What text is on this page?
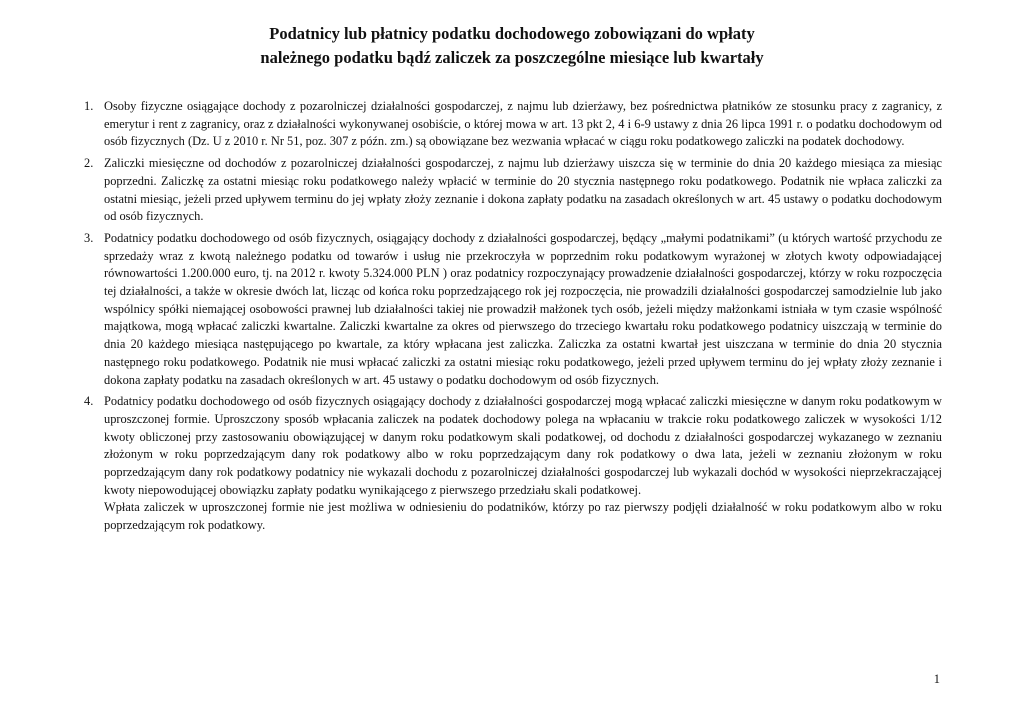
Podatnicy lub płatnicy podatku dochodowego zobowiązani do wpłaty
należnego podatku bądź zaliczek za poszczególne miesiące lub kwartały
1. Osoby fizyczne osiągające dochody z pozarolniczej działalności gospodarczej, z najmu lub dzierżawy, bez pośrednictwa płatników ze stosunku pracy z zagranicy, z emerytur i rent z zagranicy, oraz z działalności wykonywanej osobiście, o której mowa w art. 13 pkt 2, 4 i 6-9 ustawy z dnia 26 lipca 1991 r. o podatku dochodowym od osób fizycznych (Dz. U z 2010 r. Nr 51, poz. 307 z późn. zm.) są obowiązane bez wezwania wpłacać w ciągu roku podatkowego zaliczki na podatek dochodowy.

2. Zaliczki miesięczne od dochodów z pozarolniczej działalności gospodarczej, z najmu lub dzierżawy uiszcza się w terminie do dnia 20 każdego miesiąca za miesiąc poprzedni. Zaliczkę za ostatni miesiąc roku podatkowego należy wpłacić w terminie do 20 stycznia następnego roku podatkowego. Podatnik nie wpłaca zaliczki za ostatni miesiąc, jeżeli przed upływem terminu do jej wpłaty złoży zeznanie i dokona zapłaty podatku na zasadach określonych w art. 45 ustawy o podatku dochodowym od osób fizycznych.

3. Podatnicy podatku dochodowego od osób fizycznych, osiągający dochody z działalności gospodarczej, będący „małymi podatnikami” (u których wartość przychodu ze sprzedaży wraz z kwotą należnego podatku od towarów i usług nie przekroczyła w poprzednim roku podatkowym wyrażonej w złotych kwoty odpowiadającej równowartości 1.200.000 euro, tj. na 2012 r. kwoty 5.324.000 PLN ) oraz podatnicy rozpoczynający prowadzenie działalności gospodarczej, którzy w roku rozpoczęcia tej działalności, a także w okresie dwóch lat, licząc od końca roku poprzedzającego rok jej rozpoczęcia, nie prowadzili działalności gospodarczej samodzielnie lub jako wspólnicy spółki niemającej osobowości prawnej lub działalności takiej nie prowadził małżonek tych osób, jeżeli między małżonkami istniała w tym czasie wspólność majątkowa, mogą wpłacać zaliczki kwartalne. Zaliczki kwartalne za okres od pierwszego do trzeciego kwartału roku podatkowego podatnicy uiszczają w terminie do dnia 20 każdego miesiąca następującego po kwartale, za który wpłacana jest zaliczka. Zaliczka za ostatni kwartał jest uiszczana w terminie do dnia 20 stycznia następnego roku podatkowego. Podatnik nie musi wpłacać zaliczki za ostatni miesiąc roku podatkowego, jeżeli przed upływem terminu do jej wpłaty złoży zeznanie i dokona zapłaty podatku na zasadach określonych w art. 45 ustawy o podatku dochodowym od osób fizycznych.

4. Podatnicy podatku dochodowego od osób fizycznych osiągający dochody z działalności gospodarczej mogą wpłacać zaliczki miesięczne w danym roku podatkowym w uproszczonej formie. Uproszczony sposób wpłacania zaliczek na podatek dochodowy polega na wpłacaniu w trakcie roku podatkowego zaliczek w wysokości 1/12 kwoty obliczonej przy zastosowaniu obowiązującej w danym roku podatkowym skali podatkowej, od dochodu z działalności gospodarczej wykazanego w zeznaniu złożonym w roku poprzedzającym dany rok podatkowy albo w roku poprzedzającym dany rok podatkowy o dwa lata, jeżeli w zeznaniu złożonym w roku poprzedzającym dany rok podatkowy podatnicy nie wykazali dochodu z pozarolniczej działalności gospodarczej lub wykazali dochód w wysokości nieprzekraczającej kwoty niepowodującej obowiązku zapłaty podatku wynikającego z pierwszego przedziału skali podatkowej.

Wpłata zaliczek w uproszczonej formie nie jest możliwa w odniesieniu do podatników, którzy po raz pierwszy podjęli działalność w roku podatkowym albo w roku poprzedzającym rok podatkowy.

1
